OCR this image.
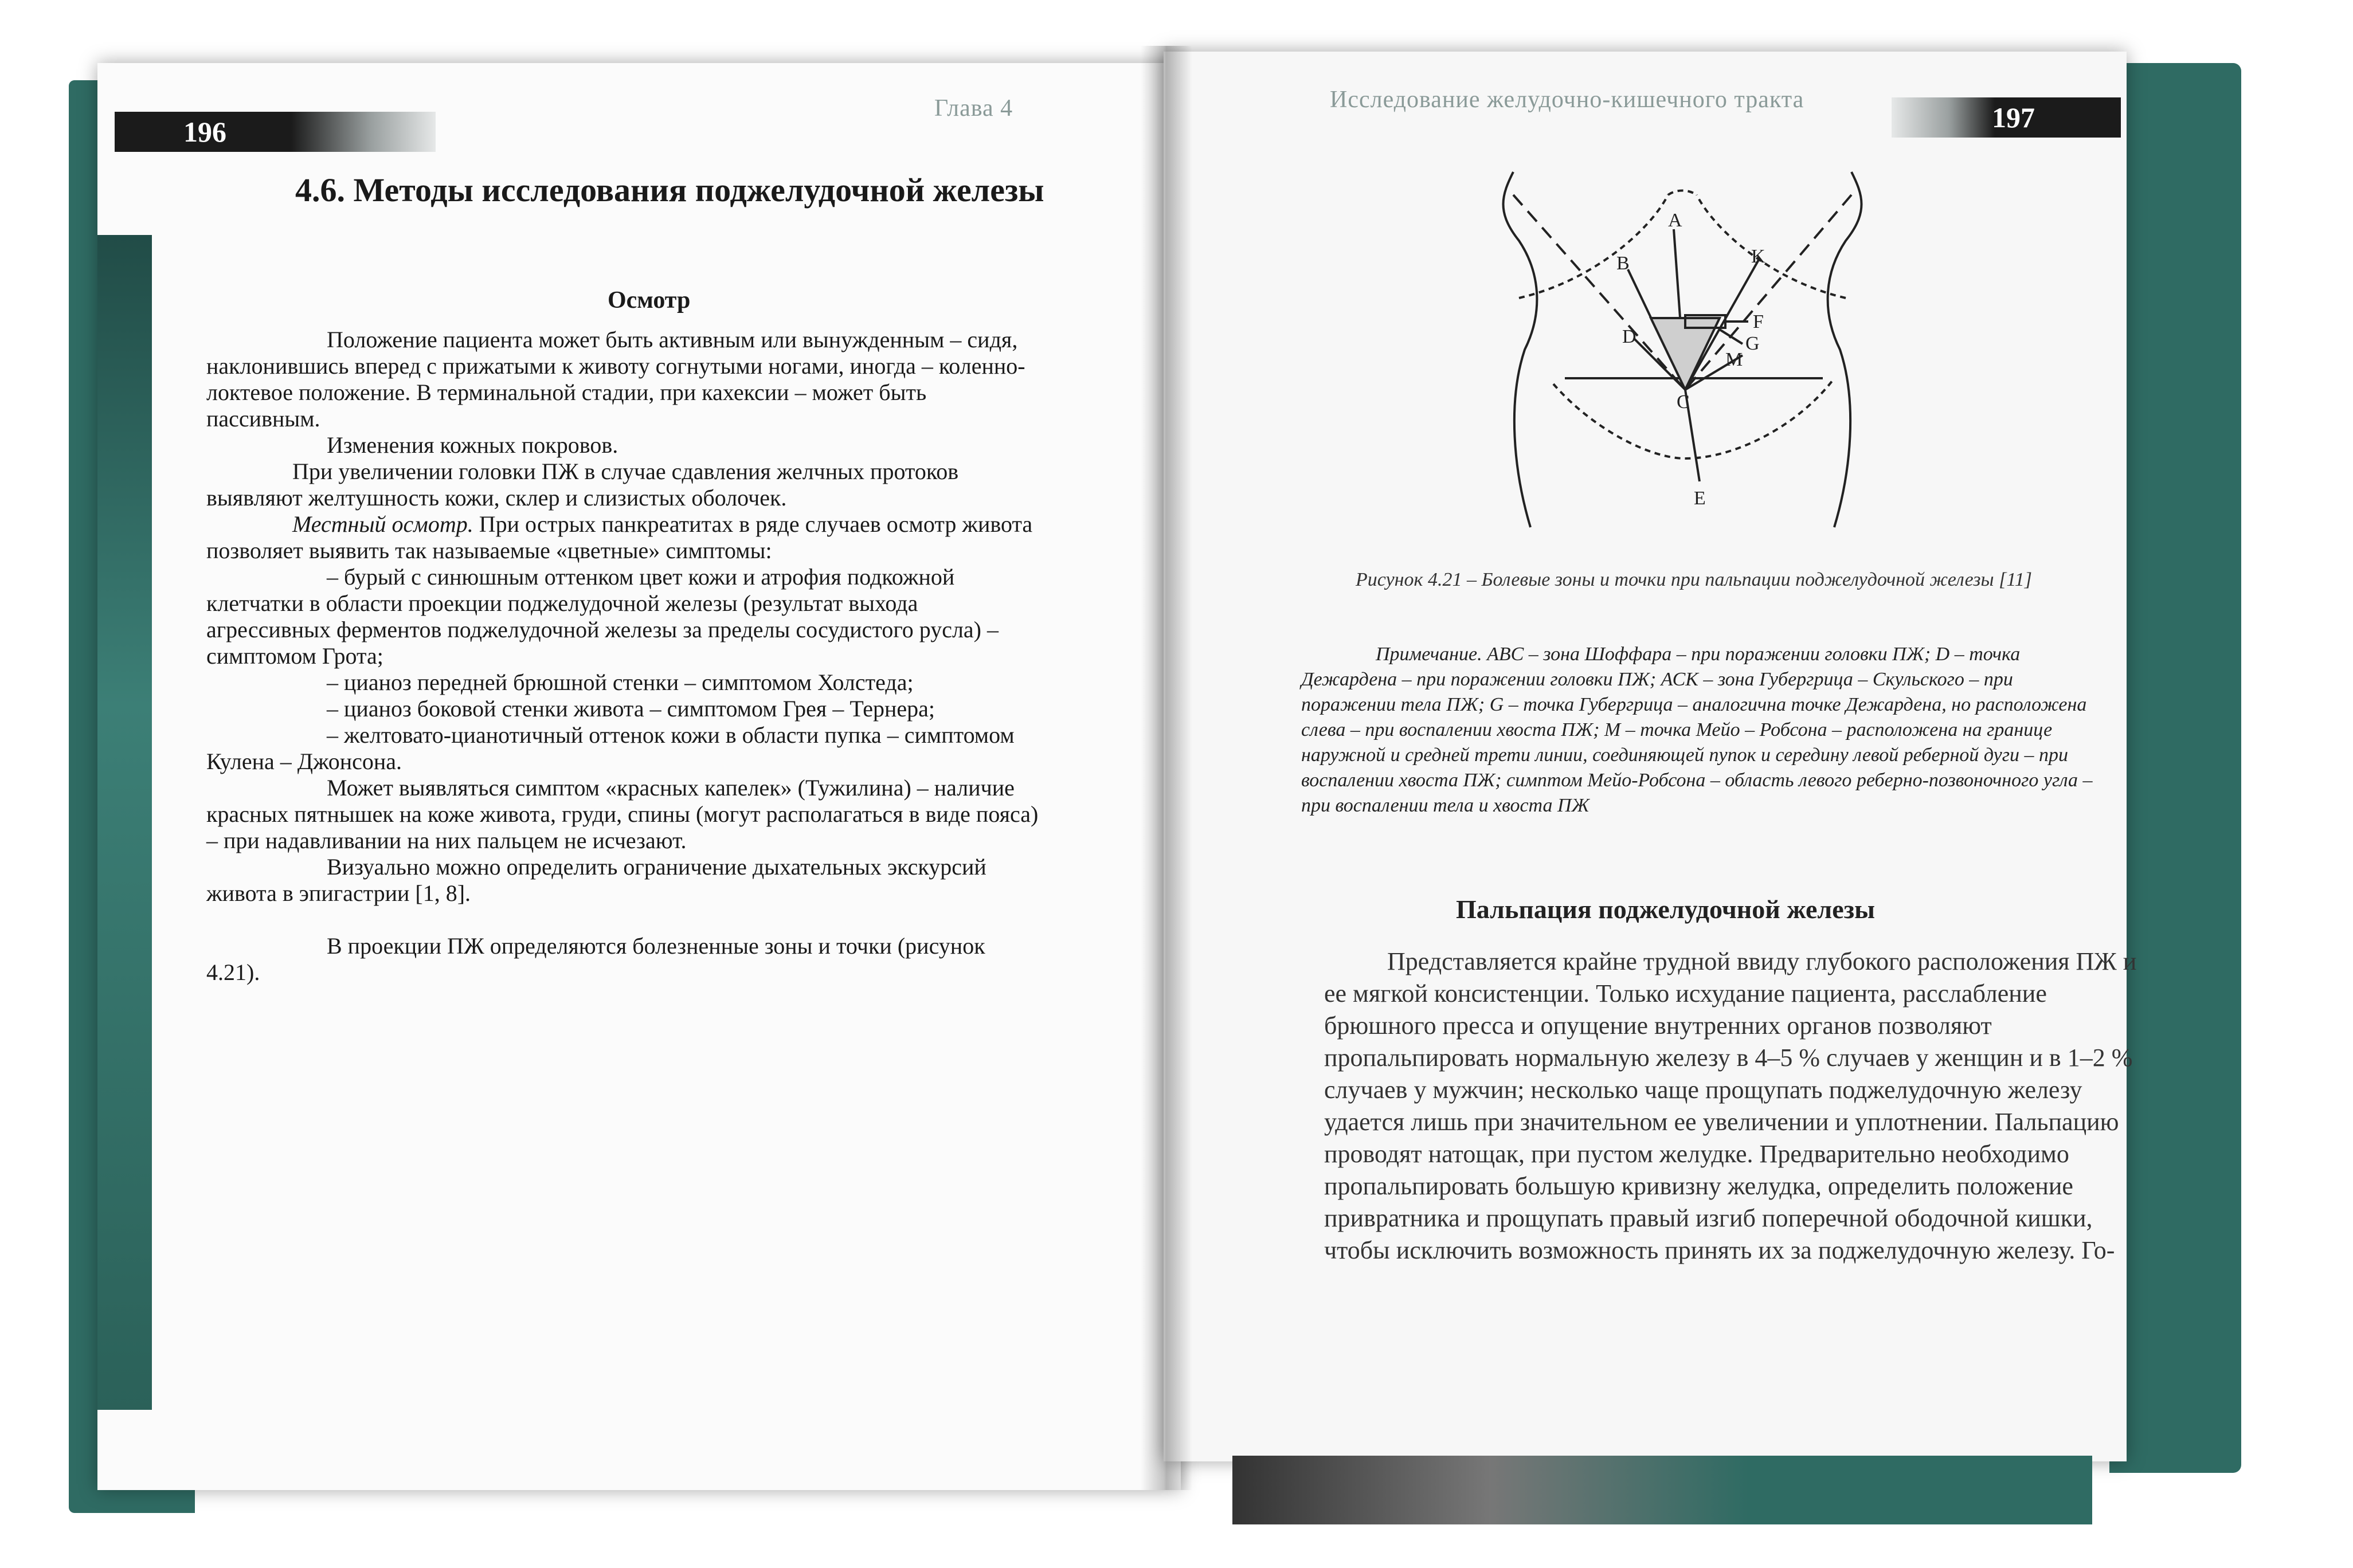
196
Глава 4
4.6. Методы исследования поджелудочной железы
Осмотр

Положение пациента может быть активным или вынужденным – сидя, наклонившись вперед с прижатыми к животу согнутыми ногами, иногда – коленно-локтевое положение. В терминальной стадии, при кахексии – может быть пассивным.

Изменения кожных покровов.

При увеличении головки ПЖ в случае сдавления желчных протоков выявляют желтушность кожи, склер и слизистых оболочек.

Местный осмотр. При острых панкреатитах в ряде случаев осмотр живота позволяет выявить так называемые «цветные» симптомы:

– бурый с синюшным оттенком цвет кожи и атрофия подкожной клетчатки в области проекции поджелудочной железы (результат выхода агрессивных ферментов поджелудочной железы за пределы сосудистого русла) – симптомом Грота;

– цианоз передней брюшной стенки – симптомом Холстеда;

– цианоз боковой стенки живота – симптомом Грея – Тернера;

– желтовато-цианотичный оттенок кожи в области пупка – симптомом Кулена – Джонсона.

Может выявляться симптом «красных капелек» (Тужилина) – наличие красных пятнышек на коже живота, груди, спины (могут располагаться в виде пояса) – при надавливании на них пальцем не исчезают.

Визуально можно определить ограничение дыхательных экскурсий живота в эпигастрии [1, 8].

В проекции ПЖ определяются болезненные зоны и точки (рисунок 4.21).

Исследование желудочно-кишечного тракта
197
A
B	K
F
G
D
M
C
E
Рисунок 4.21 – Болевые зоны и точки при пальпации поджелудочной железы [11]

Примечание. ABC – зона Шоффара – при поражении головки ПЖ; D – точка Дежардена – при поражении головки ПЖ; АСК – зона Губергрица – Скульского – при поражении тела ПЖ; G – точка Губергрица – аналогична точке Дежардена, но расположена слева – при воспалении хвоста ПЖ; M – точка Мейо – Робсона – расположена на границе наружной и средней трети линии, соединяющей пупок и середину левой реберной дуги – при воспалении хвоста ПЖ; симптом Мейо-Робсона – область левого реберно-позвоночного угла – при воспалении тела и хвоста ПЖ

Пальпация поджелудочной железы

Представляется крайне трудной ввиду глубокого расположения ПЖ и ее мягкой консистенции. Только исхудание пациента, расслабление брюшного пресса и опущение внутренних органов позволяют пропальпировать нормальную железу в 4–5 % случаев у женщин и в 1–2 % случаев у мужчин; несколько чаще прощупать поджелудочную железу удается лишь при значительном ее увеличении и уплотнении. Пальпацию проводят натощак, при пустом желудке. Предварительно необходимо пропальпировать большую кривизну желудка, определить положение привратника и прощупать правый изгиб поперечной ободочной кишки, чтобы исключить возможность принять их за поджелудочную железу. Го-
